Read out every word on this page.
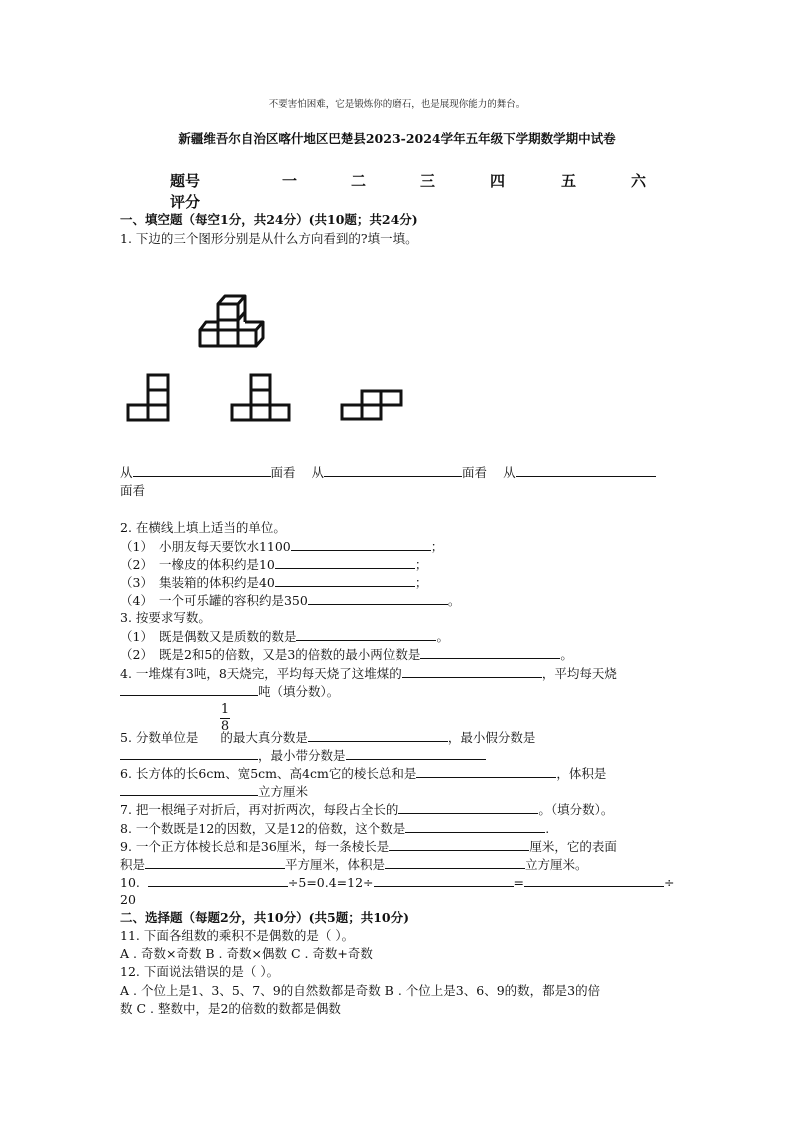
不要害怕困难，它是锻炼你的磨石，也是展现你能力的舞台。
新疆维吾尔自治区喀什地区巴楚县2023-2024学年五年级下学期数学期中试卷
题号	一	二	三	四	五	六
评分
一、填空题（每空1分，共24分）(共10题；共24分)
1. 下边的三个图形分别是从什么方向看到的?填一填。
从	面看 从	面看 从
面看
2. 在横线上填上适当的单位。
（1） 小朋友每天要饮水1100	；
（2） 一橡皮的体积约是10	；
（3） 集装箱的体积约是40	；
（4） 一个可乐罐的容积约是350	。
3. 按要求写数。
（1） 既是偶数又是质数的数是	。
（2） 既是2和5的倍数，又是3的倍数的最小两位数是	。
4. 一堆煤有3吨，8天烧完，平均每天烧了这堆煤的	，平均每天烧
吨（填分数）。
1
8
5. 分数单位是 的最大真分数是	，最小假分数是
，最小带分数是
6. 长方体的长6cm、宽5cm、高4cm它的棱长总和是	，体积是
立方厘米
7. 把一根绳子对折后，再对折两次，每段占全长的	。（填分数）。
8. 一个数既是12的因数，又是12的倍数，这个数是	.
9. 一个正方体棱长总和是36厘米，每一条棱长是	厘米，它的表面
积是	平方厘米，体积是	立方厘米。
10.	÷5=0.4=12÷	=	÷
20
二、选择题（每题2分，共10分）(共5题；共10分)
11. 下面各组数的乘积不是偶数的是（ ）。
A . 奇数×奇数 B . 奇数×偶数 C . 奇数+奇数
12. 下面说法错误的是（ ）。
A . 个位上是1、3、5、7、9的自然数都是奇数 B . 个位上是3、6、9的数，都是3的倍
数 C . 整数中，是2的倍数的数都是偶数
